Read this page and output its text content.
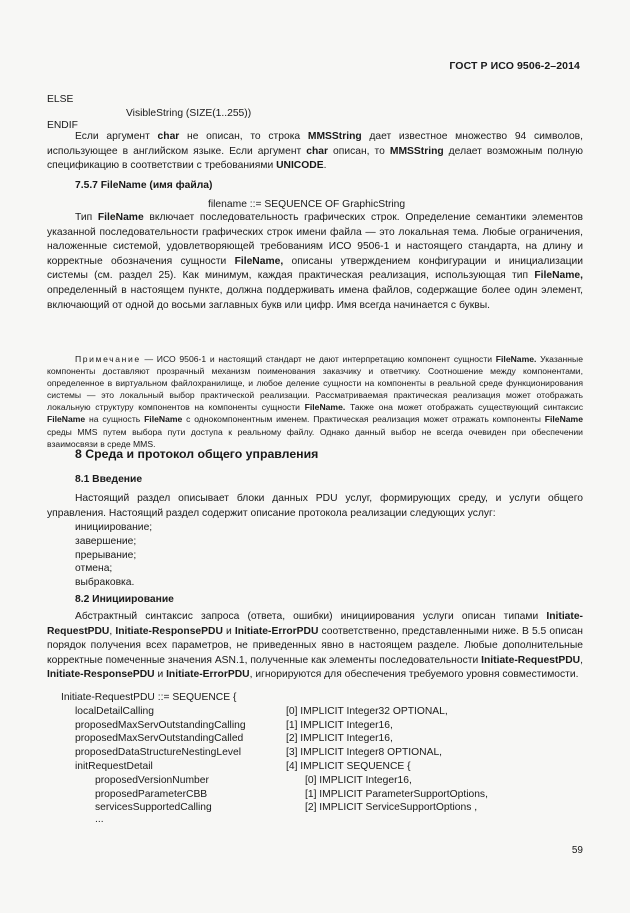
ГОСТ Р ИСО 9506-2–2014
ELSE
VisibleString (SIZE(1..255))
ENDIF

Если аргумент char не описан, то строка MMSString дает известное множество 94 символов, использующее в английском языке. Если аргумент char описан, то MMSString делает возможным полную спецификацию в соответствии с требованиями UNICODE.

7.5.7 FileName (имя файла)
filename ::= SEQUENCE OF GraphicString

Тип FileName включает последовательность графических строк. Определение семантики элементов указанной последовательности графических строк имени файла — это локальная тема. Любые ограничения, наложенные системой, удовлетворяющей требованиям ИСО 9506-1 и настоящего стандарта, на длину и корректные обозначения сущности FileName, описаны утверждением конфигурации и инициализации системы (см. раздел 25). Как минимум, каждая практическая реализация, использующая тип FileName, определенный в настоящем пункте, должна поддерживать имена файлов, содержащие более один элемент, включающий от одной до восьми заглавных букв или цифр. Имя всегда начинается с буквы.

Примечание — ИСО 9506-1 и настоящий стандарт не дают интерпретацию компонент сущности FileName. Указанные компоненты доставляют прозрачный механизм поименования заказчику и ответчику. Соотношение между компонентами, определенное в виртуальном файлохранилище, и любое деление сущности на компоненты в реальной среде функционирования системы — это локальный выбор практической реализации. Рассматриваемая практическая реализация может отображать локальную структуру компонентов на компоненты сущности FileName. Также она может отображать существующий синтаксис FileName на сущность FileName с однокомпонентным именем. Практическая реализация может отражать компоненты FileName среды MMS путем выбора пути доступа к реальному файлу. Однако данный выбор не всегда очевиден при обеспечении взаимосвязи в среде MMS.

8 Среда и протокол общего управления
8.1 Введение

Настоящий раздел описывает блоки данных PDU услуг, формирующих среду, и услуги общего управления. Настоящий раздел содержит описание протокола реализации следующих услуг:

инициирование;
завершение;
прерывание;
отмена;
выбраковка.
8.2 Инициирование

Абстрактный синтаксис запроса (ответа, ошибки) инициирования услуги описан типами Initiate-RequestPDU, Initiate-ResponsePDU и Initiate-ErrorPDU соответственно, представленными ниже. В 5.5 описан порядок получения всех параметров, не приведенных явно в настоящем разделе. Любые дополнительные корректные помеченные значения ASN.1, полученные как элементы последовательности Initiate-RequestPDU, Initiate-ResponsePDU и Initiate-ErrorPDU, игнорируются для обеспечения требуемого уровня совместимости.

Initiate-RequestPDU ::= SEQUENCE {
localDetailCalling	[0] IMPLICIT Integer32 OPTIONAL,
proposedMaxServOutstandingCalling	[1] IMPLICIT Integer16,
proposedMaxServOutstandingCalled	[2] IMPLICIT Integer16,
proposedDataStructureNestingLevel	[3] IMPLICIT Integer8 OPTIONAL,
initRequestDetail	[4] IMPLICIT SEQUENCE {
proposedVersionNumber	[0] IMPLICIT Integer16,
proposedParameterCBB	[1] IMPLICIT ParameterSupportOptions,
servicesSupportedCalling	[2] IMPLICIT ServiceSupportOptions ,
...
59
